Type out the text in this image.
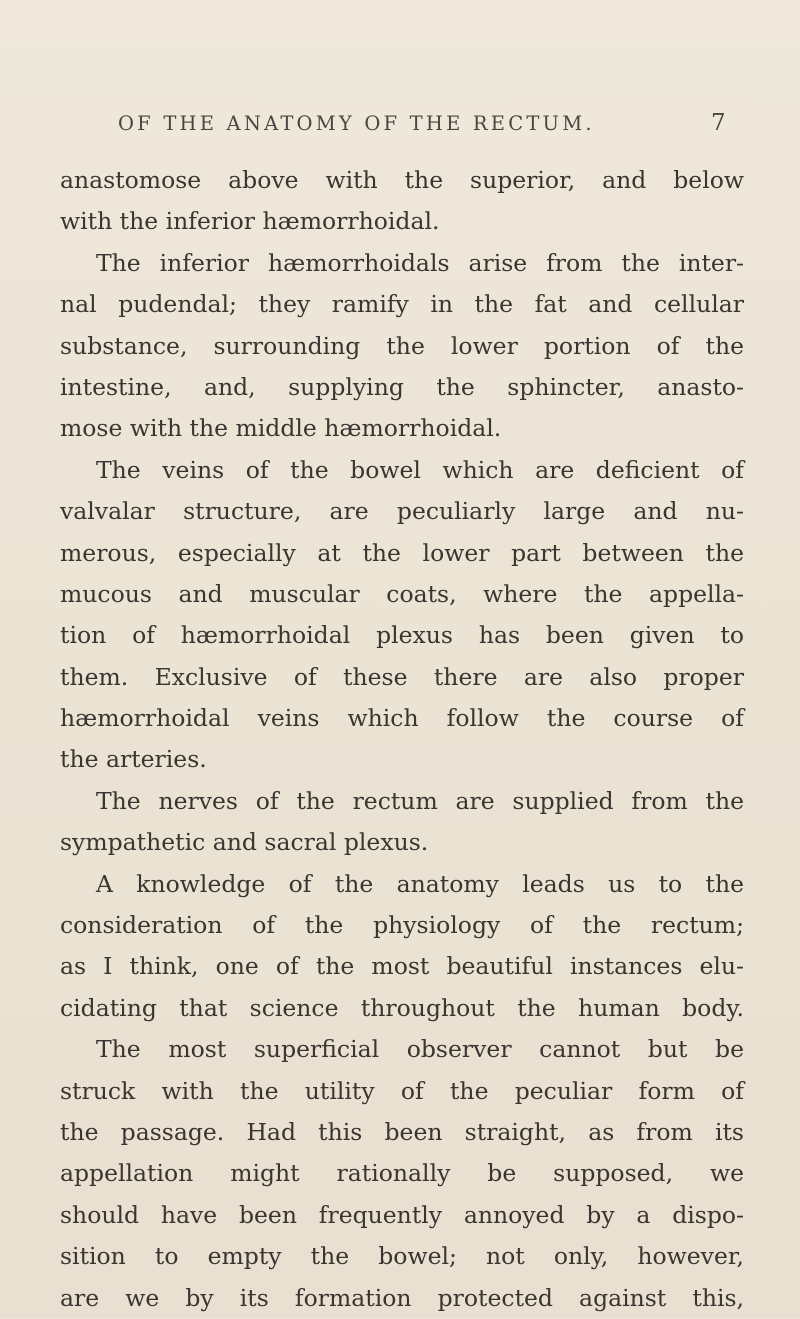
OF THE ANATOMY OF THE RECTUM.	7
anastomose above with the superior, and below
with the inferior hæmorrhoidal.
The inferior hæmorrhoidals arise from the inter-
nal pudendal; they ramify in the fat and cellular
substance, surrounding the lower portion of the
intestine, and, supplying the sphincter, anasto-
mose with the middle hæmorrhoidal.
The veins of the bowel which are deficient of
valvalar structure, are peculiarly large and nu-
merous, especially at the lower part between the
mucous and muscular coats, where the appella-
tion of hæmorrhoidal plexus has been given to
them. Exclusive of these there are also proper
hæmorrhoidal veins which follow the course of
the arteries.
The nerves of the rectum are supplied from the
sympathetic and sacral plexus.
A knowledge of the anatomy leads us to the
consideration of the physiology of the rectum;
as I think, one of the most beautiful instances elu-
cidating that science throughout the human body.
The most superficial observer cannot but be
struck with the utility of the peculiar form of
the passage. Had this been straight, as from its
appellation might rationally be supposed, we
should have been frequently annoyed by a dispo-
sition to empty the bowel; not only, however,
are we by its formation protected against this,
